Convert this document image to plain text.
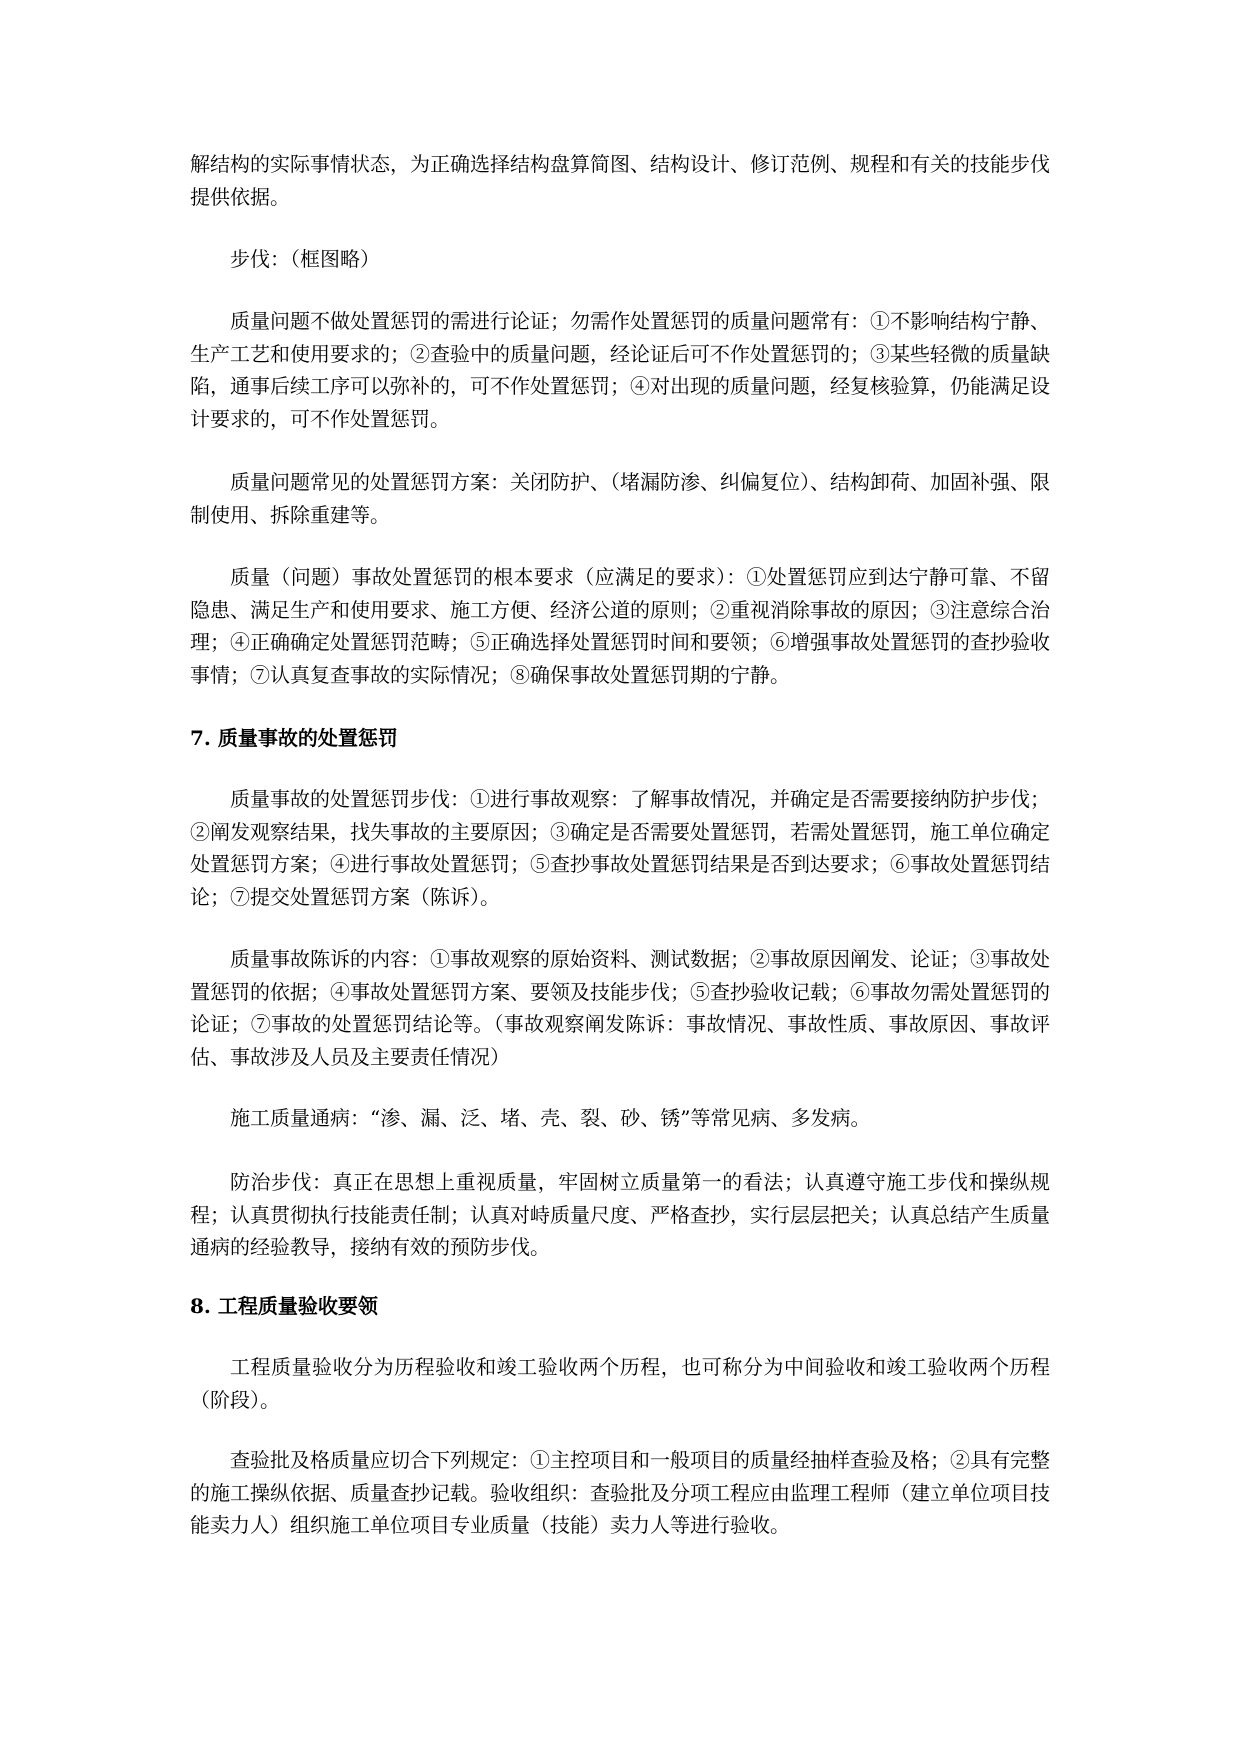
解结构的实际事情状态，为正确选择结构盘算简图、结构设计、修订范例、规程和有关的技能步伐提供依据。

步伐：（框图略）

质量问题不做处置惩罚的需进行论证；勿需作处置惩罚的质量问题常有：①不影响结构宁静、生产工艺和使用要求的；②查验中的质量问题，经论证后可不作处置惩罚的；③某些轻微的质量缺陷，通事后续工序可以弥补的，可不作处置惩罚；④对出现的质量问题，经复核验算，仍能满足设计要求的，可不作处置惩罚。

质量问题常见的处置惩罚方案：关闭防护、（堵漏防渗、纠偏复位）、结构卸荷、加固补强、限制使用、拆除重建等。

质量（问题）事故处置惩罚的根本要求（应满足的要求）：①处置惩罚应到达宁静可靠、不留隐患、满足生产和使用要求、施工方便、经济公道的原则；②重视消除事故的原因；③注意综合治理；④正确确定处置惩罚范畴；⑤正确选择处置惩罚时间和要领；⑥增强事故处置惩罚的查抄验收事情；⑦认真复查事故的实际情况；⑧确保事故处置惩罚期的宁静。

7. 质量事故的处置惩罚

质量事故的处置惩罚步伐：①进行事故观察：了解事故情况，并确定是否需要接纳防护步伐；②阐发观察结果，找失事故的主要原因；③确定是否需要处置惩罚，若需处置惩罚，施工单位确定处置惩罚方案；④进行事故处置惩罚；⑤查抄事故处置惩罚结果是否到达要求；⑥事故处置惩罚结论；⑦提交处置惩罚方案（陈诉）。

质量事故陈诉的内容：①事故观察的原始资料、测试数据；②事故原因阐发、论证；③事故处置惩罚的依据；④事故处置惩罚方案、要领及技能步伐；⑤查抄验收记载；⑥事故勿需处置惩罚的论证；⑦事故的处置惩罚结论等。（事故观察阐发陈诉：事故情况、事故性质、事故原因、事故评估、事故涉及人员及主要责任情况）

施工质量通病：“渗、漏、泛、堵、壳、裂、砂、锈”等常见病、多发病。

防治步伐：真正在思想上重视质量，牢固树立质量第一的看法；认真遵守施工步伐和操纵规程；认真贯彻执行技能责任制；认真对峙质量尺度、严格查抄，实行层层把关；认真总结产生质量通病的经验教导，接纳有效的预防步伐。

8. 工程质量验收要领

工程质量验收分为历程验收和竣工验收两个历程，也可称分为中间验收和竣工验收两个历程（阶段）。

查验批及格质量应切合下列规定：①主控项目和一般项目的质量经抽样查验及格；②具有完整的施工操纵依据、质量查抄记载。验收组织：查验批及分项工程应由监理工程师（建立单位项目技能卖力人）组织施工单位项目专业质量（技能）卖力人等进行验收。
